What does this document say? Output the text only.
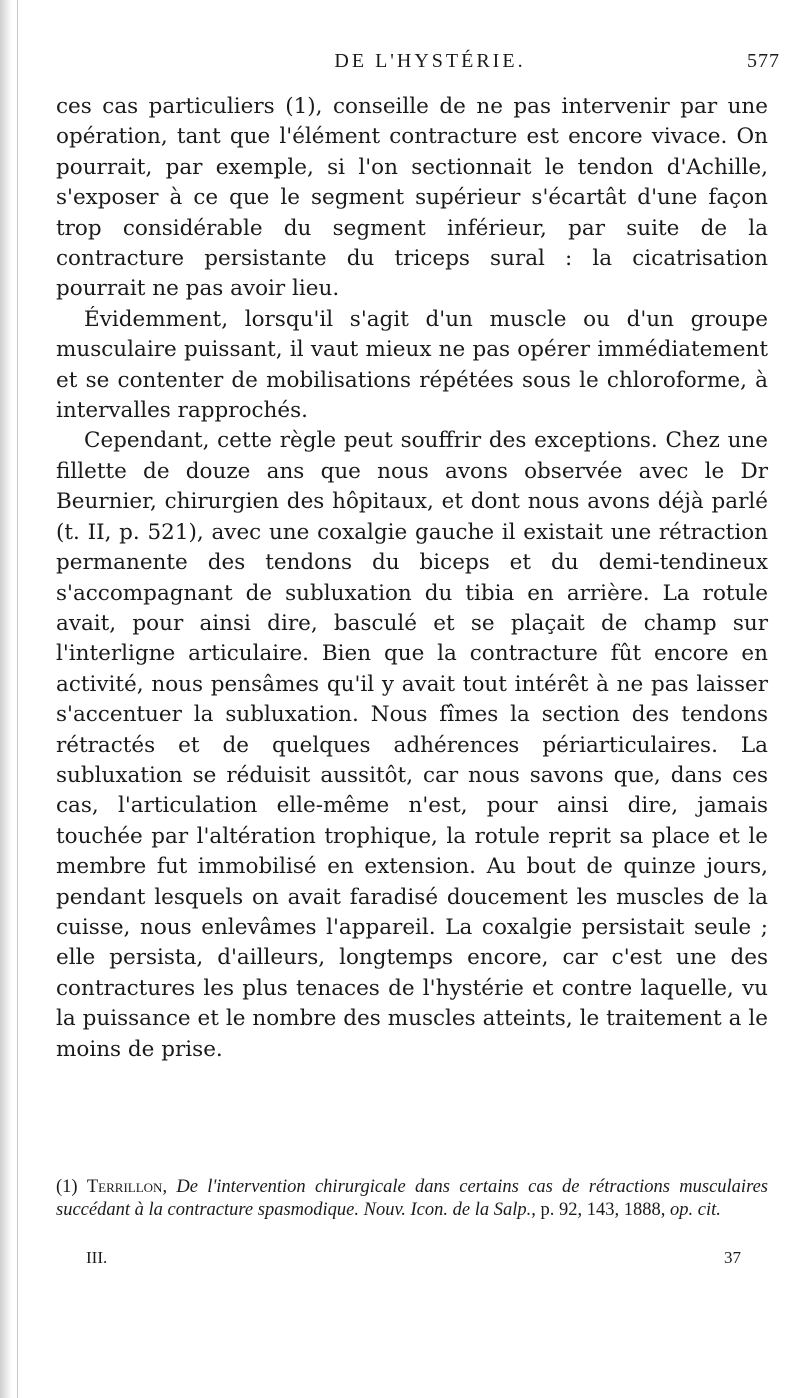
DE L'HYSTÉRIE.	577

ces cas particuliers (1), conseille de ne pas intervenir par une opération, tant que l'élément contracture est encore vivace. On pourrait, par exemple, si l'on sectionnait le tendon d'Achille, s'exposer à ce que le segment supérieur s'écartât d'une façon trop considérable du segment inférieur, par suite de la contracture persistante du triceps sural : la cicatrisation pourrait ne pas avoir lieu.

Évidemment, lorsqu'il s'agit d'un muscle ou d'un groupe musculaire puissant, il vaut mieux ne pas opérer immédiatement et se contenter de mobilisations répétées sous le chloroforme, à intervalles rapprochés.

Cependant, cette règle peut souffrir des exceptions. Chez une fillette de douze ans que nous avons observée avec le Dr Beurnier, chirurgien des hôpitaux, et dont nous avons déjà parlé (t. II, p. 521), avec une coxalgie gauche il existait une rétraction permanente des tendons du biceps et du demi-tendineux s'accompagnant de subluxation du tibia en arrière. La rotule avait, pour ainsi dire, basculé et se plaçait de champ sur l'interligne articulaire. Bien que la contracture fût encore en activité, nous pensâmes qu'il y avait tout intérêt à ne pas laisser s'accentuer la subluxation. Nous fîmes la section des tendons rétractés et de quelques adhérences périarticulaires. La subluxation se réduisit aussitôt, car nous savons que, dans ces cas, l'articulation elle-même n'est, pour ainsi dire, jamais touchée par l'altération trophique, la rotule reprit sa place et le membre fut immobilisé en extension. Au bout de quinze jours, pendant lesquels on avait faradisé doucement les muscles de la cuisse, nous enlevâmes l'appareil. La coxalgie persistait seule ; elle persista, d'ailleurs, longtemps encore, car c'est une des contractures les plus tenaces de l'hystérie et contre laquelle, vu la puissance et le nombre des muscles atteints, le traitement a le moins de prise.

(1) Terrillon, De l'intervention chirurgicale dans certains cas de rétractions musculaires succédant à la contracture spasmodique. Nouv. Icon. de la Salp., p. 92, 143, 1888, op. cit.
III.	37
